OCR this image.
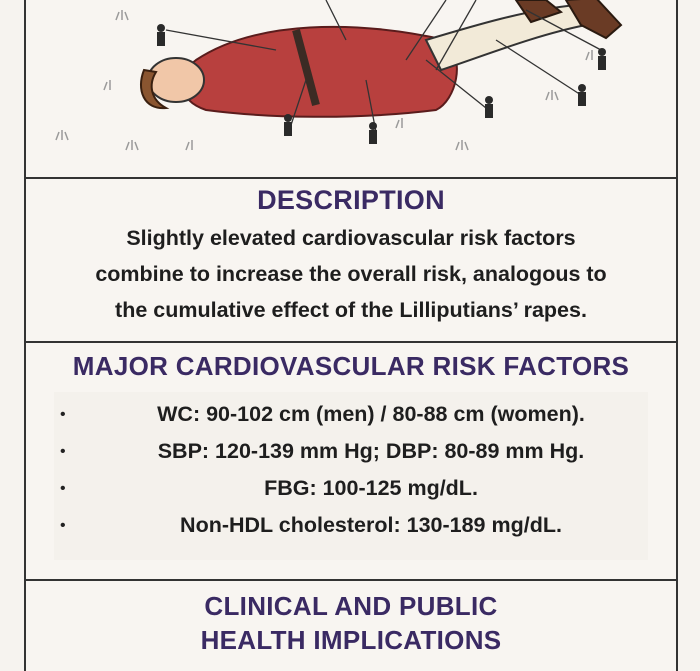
DESCRIPTION
Slightly elevated cardiovascular risk factors
combine to increase the overall risk, analogous to
the cumulative effect of the Lilliputians’ rapes.
MAJOR CARDIOVASCULAR RISK FACTORS
•	WC: 90-102 cm (men) / 80-88 cm (women).
•	SBP: 120-139 mm Hg; DBP: 80-89 mm Hg.
•	FBG: 100-125 mg/dL.
•	Non-HDL cholesterol: 130-189 mg/dL.
CLINICAL AND PUBLIC
HEALTH IMPLICATIONS
